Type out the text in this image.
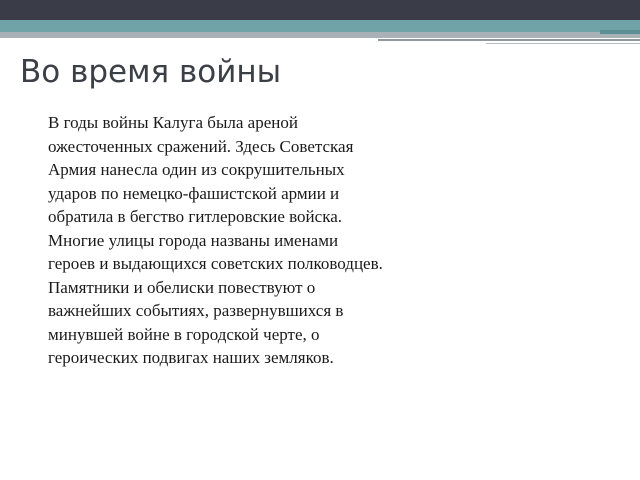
Во время войны

В годы войны Калуга была ареной
ожесточенных сражений. Здесь Советская
Армия нанесла один из сокрушительных
ударов по немецко-фашистской армии и
обратила в бегство гитлеровские войска.
Многие улицы города названы именами
героев и выдающихся советских полководцев.
Памятники и обелиски повествуют о
важнейших событиях, развернувшихся в
минувшей войне в городской черте, о
героических подвигах наших земляков.
